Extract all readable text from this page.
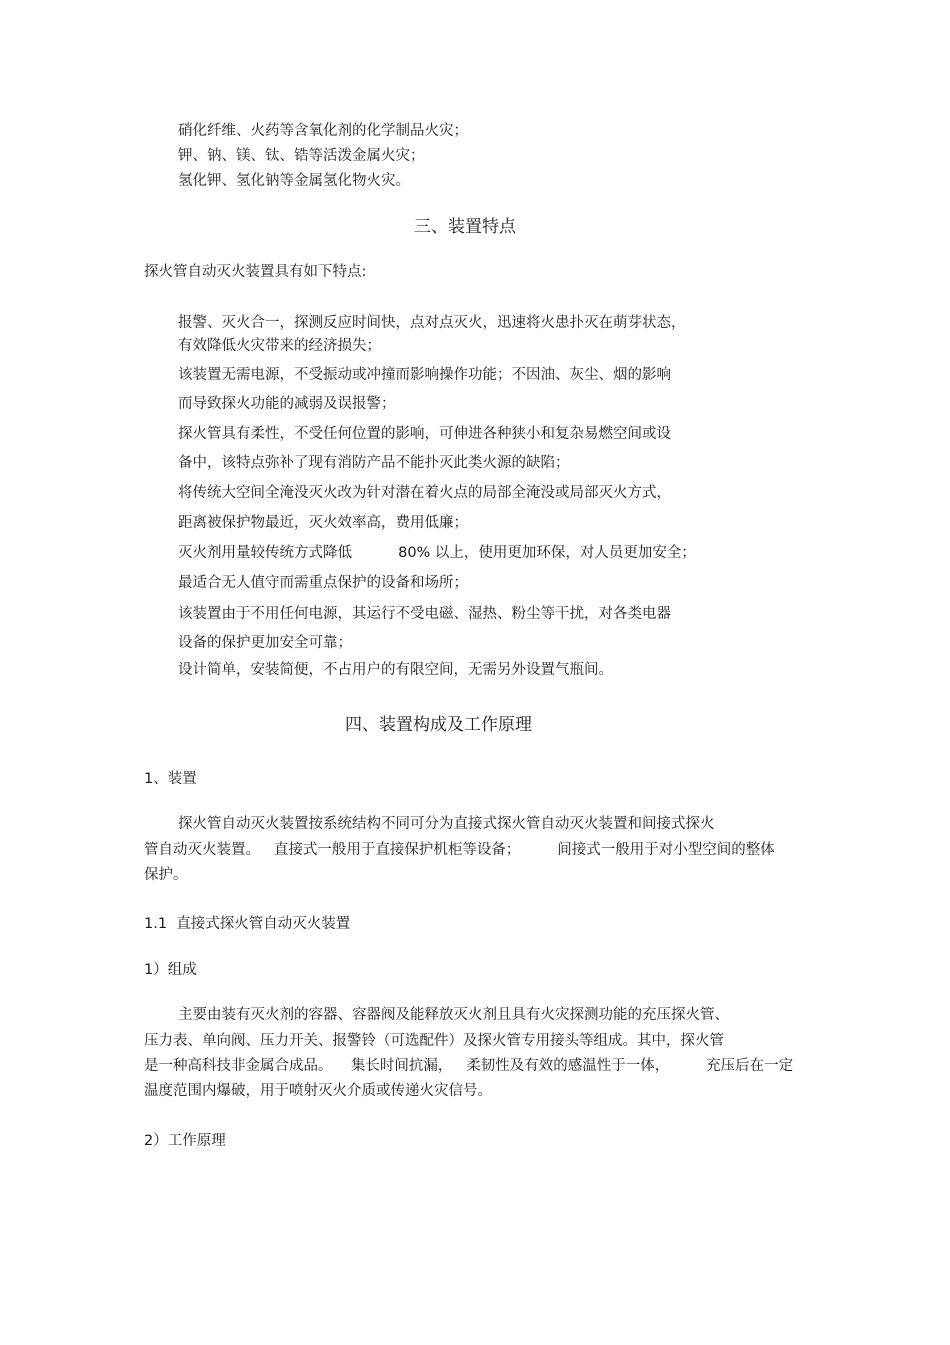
硝化纤维、火药等含氧化剂的化学制品火灾；
钾、钠、镁、钛、锆等活泼金属火灾；
氢化钾、氢化钠等金属氢化物火灾。
三、装置特点
探火管自动灭火装置具有如下特点:
报警、灭火合一，探测反应时间快，点对点灭火，迅速将火患扑灭在萌芽状态，
有效降低火灾带来的经济损失；
该装置无需电源，不受振动或冲撞而影响操作功能；不因油、灰尘、烟的影响
而导致探火功能的减弱及误报警；
探火管具有柔性，不受任何位置的影响，可伸进各种狭小和复杂易燃空间或设
备中，该特点弥补了现有消防产品不能扑灭此类火源的缺陷；
将传统大空间全淹没灭火改为针对潜在着火点的局部全淹没或局部灭火方式，
距离被保护物最近，灭火效率高，费用低廉；
灭火剂用量较传统方式降低          80% 以上，使用更加环保，对人员更加安全；
最适合无人值守而需重点保护的设备和场所；
该装置由于不用任何电源，其运行不受电磁、湿热、粉尘等干扰，对各类电器
设备的保护更加安全可靠；
设计简单，安装简便，不占用户的有限空间，无需另外设置气瓶间。
四、装置构成及工作原理
1、装置
探火管自动灭火装置按系统结构不同可分为直接式探火管自动灭火装置和间接式探火
管自动灭火装置。   直接式一般用于直接保护机柜等设备；        间接式一般用于对小型空间的整体
保护。
1.1  直接式探火管自动灭火装置
1）组成
主要由装有灭火剂的容器、容器阀及能释放灭火剂且具有火灾探测功能的充压探火管、
压力表、单向阀、压力开关、报警铃（可选配件）及探火管专用接头等组成。其中，探火管
是一种高科技非金属合成品。    集长时间抗漏，   柔韧性及有效的感温性于一体，        充压后在一定
温度范围内爆破，用于喷射灭火介质或传递火灾信号。
2）工作原理
